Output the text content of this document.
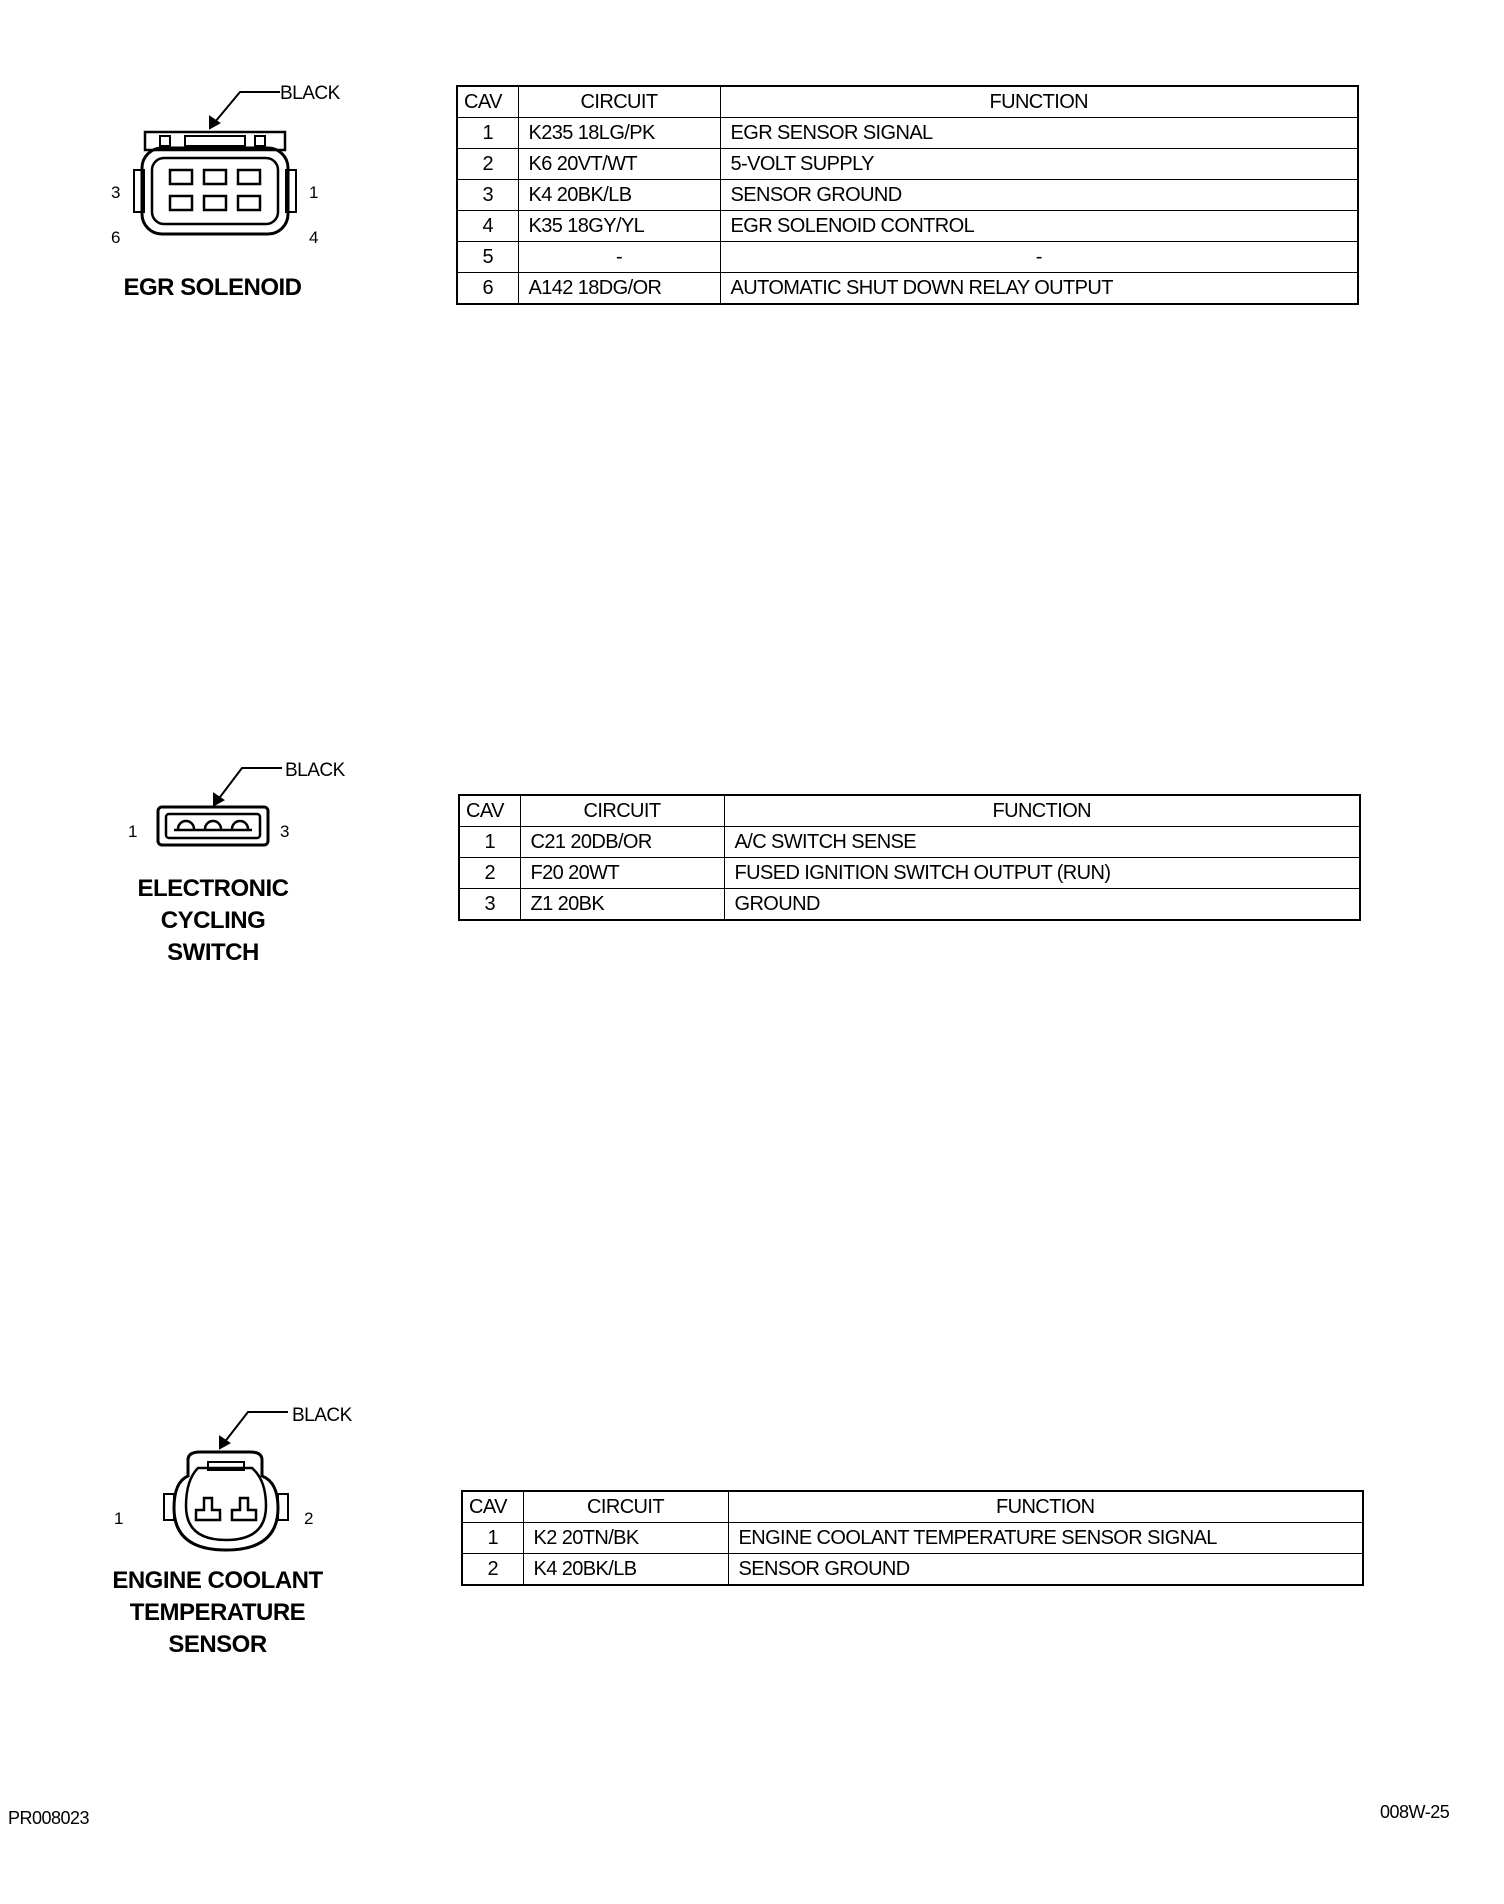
BLACK
3	1
6	4
EGR SOLENOID
CAV	CIRCUIT	FUNCTION
1	K235 18LG/PK	EGR SENSOR SIGNAL
2	K6 20VT/WT	5-VOLT SUPPLY
3	K4 20BK/LB	SENSOR GROUND
4	K35 18GY/YL	EGR SOLENOID CONTROL
5	-	-
6	A142 18DG/OR	AUTOMATIC SHUT DOWN RELAY OUTPUT
BLACK
1	3
ELECTRONIC
CYCLING
SWITCH
CAV	CIRCUIT	FUNCTION
1	C21 20DB/OR	A/C SWITCH SENSE
2	F20 20WT	FUSED IGNITION SWITCH OUTPUT (RUN)
3	Z1 20BK	GROUND
BLACK
1	2
ENGINE COOLANT
TEMPERATURE
SENSOR
CAV	CIRCUIT	FUNCTION
1	K2 20TN/BK	ENGINE COOLANT TEMPERATURE SENSOR SIGNAL
2	K4 20BK/LB	SENSOR GROUND
PR008023	008W-25
